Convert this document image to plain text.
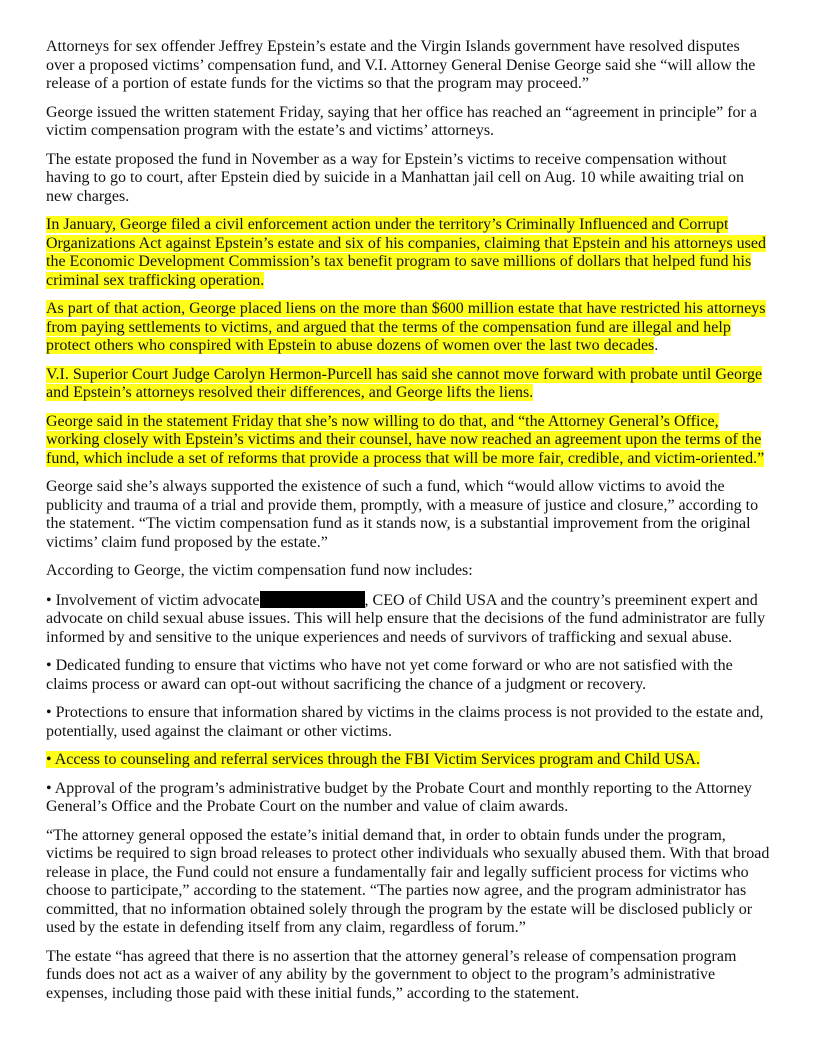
Attorneys for sex offender Jeffrey Epstein’s estate and the Virgin Islands government have resolved disputes over a proposed victims’ compensation fund, and V.I. Attorney General Denise George said she “will allow the release of a portion of estate funds for the victims so that the program may proceed.”

George issued the written statement Friday, saying that her office has reached an “agreement in principle” for a victim compensation program with the estate’s and victims’ attorneys.

The estate proposed the fund in November as a way for Epstein’s victims to receive compensation without having to go to court, after Epstein died by suicide in a Manhattan jail cell on Aug. 10 while awaiting trial on new charges.

In January, George filed a civil enforcement action under the territory’s Criminally Influenced and Corrupt Organizations Act against Epstein’s estate and six of his companies, claiming that Epstein and his attorneys used the Economic Development Commission’s tax benefit program to save millions of dollars that helped fund his criminal sex trafficking operation.

As part of that action, George placed liens on the more than $600 million estate that have restricted his attorneys from paying settlements to victims, and argued that the terms of the compensation fund are illegal and help protect others who conspired with Epstein to abuse dozens of women over the last two decades.

V.I. Superior Court Judge Carolyn Hermon-Purcell has said she cannot move forward with probate until George and Epstein’s attorneys resolved their differences, and George lifts the liens.

George said in the statement Friday that she’s now willing to do that, and “the Attorney General’s Office, working closely with Epstein’s victims and their counsel, have now reached an agreement upon the terms of the fund, which include a set of reforms that provide a process that will be more fair, credible, and victim-oriented.”

George said she’s always supported the existence of such a fund, which “would allow victims to avoid the publicity and trauma of a trial and provide them, promptly, with a measure of justice and closure,” according to the statement. “The victim compensation fund as it stands now, is a substantial improvement from the original victims’ claim fund proposed by the estate.”

According to George, the victim compensation fund now includes:

• Involvement of victim advocate	, CEO of Child USA and the country’s preeminent expert and advocate on child sexual abuse issues. This will help ensure that the decisions of the fund administrator are fully informed by and sensitive to the unique experiences and needs of survivors of trafficking and sexual abuse.

• Dedicated funding to ensure that victims who have not yet come forward or who are not satisfied with the claims process or award can opt-out without sacrificing the chance of a judgment or recovery.

• Protections to ensure that information shared by victims in the claims process is not provided to the estate and, potentially, used against the claimant or other victims.

• Access to counseling and referral services through the FBI Victim Services program and Child USA.

• Approval of the program’s administrative budget by the Probate Court and monthly reporting to the Attorney General’s Office and the Probate Court on the number and value of claim awards.

“The attorney general opposed the estate’s initial demand that, in order to obtain funds under the program, victims be required to sign broad releases to protect other individuals who sexually abused them. With that broad release in place, the Fund could not ensure a fundamentally fair and legally sufficient process for victims who choose to participate,” according to the statement. “The parties now agree, and the program administrator has committed, that no information obtained solely through the program by the estate will be disclosed publicly or used by the estate in defending itself from any claim, regardless of forum.”

The estate “has agreed that there is no assertion that the attorney general’s release of compensation program funds does not act as a waiver of any ability by the government to object to the program’s administrative expenses, including those paid with these initial funds,” according to the statement.
